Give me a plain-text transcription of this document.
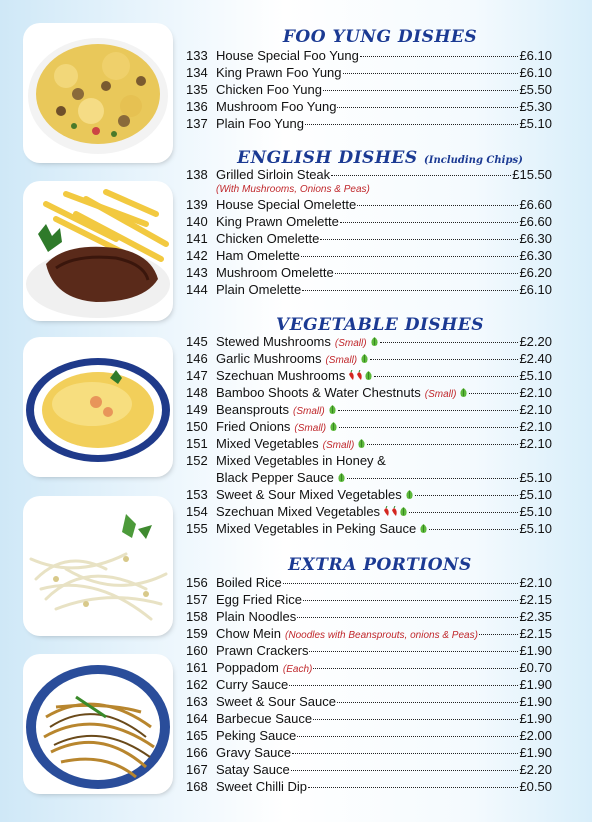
FOO YUNG DISHES
133 House Special Foo Yung	£6.10
134 King Prawn Foo Yung	£6.10
135 Chicken Foo Yung	£5.50
136 Mushroom Foo Yung	£5.30
137 Plain Foo Yung	£5.10
ENGLISH DISHES (Including Chips)
138 Grilled Sirloin Steak	£15.50
(With Mushrooms, Onions & Peas)
139 House Special Omelette	£6.60
140 King Prawn Omelette	£6.60
141 Chicken Omelette	£6.30
142 Ham Omelette	£6.30
143 Mushroom Omelette	£6.20
144 Plain Omelette	£6.10
VEGETABLE DISHES
145 Stewed Mushrooms (Small)	£2.20
146 Garlic Mushrooms (Small)	£2.40
147 Szechuan Mushrooms	£5.10
148 Bamboo Shoots & Water Chestnuts (Small)	£2.10
149 Beansprouts (Small)	£2.10
150 Fried Onions (Small)	£2.10
151 Mixed Vegetables (Small)	£2.10
152 Mixed Vegetables in Honey &
Black Pepper Sauce	£5.10
153 Sweet & Sour Mixed Vegetables	£5.10
154 Szechuan Mixed Vegetables	£5.10
155 Mixed Vegetables in Peking Sauce	£5.10
EXTRA PORTIONS
156 Boiled Rice	£2.10
157 Egg Fried Rice	£2.15
158 Plain Noodles	£2.35
159 Chow Mein (Noodles with Beansprouts, onions & Peas)	£2.15
160 Prawn Crackers	£1.90
161 Poppadom (Each)	£0.70
162 Curry Sauce	£1.90
163 Sweet & Sour Sauce	£1.90
164 Barbecue Sauce	£1.90
165 Peking Sauce	£2.00
166 Gravy Sauce	£1.90
167 Satay Sauce	£2.20
168 Sweet Chilli Dip	£0.50
